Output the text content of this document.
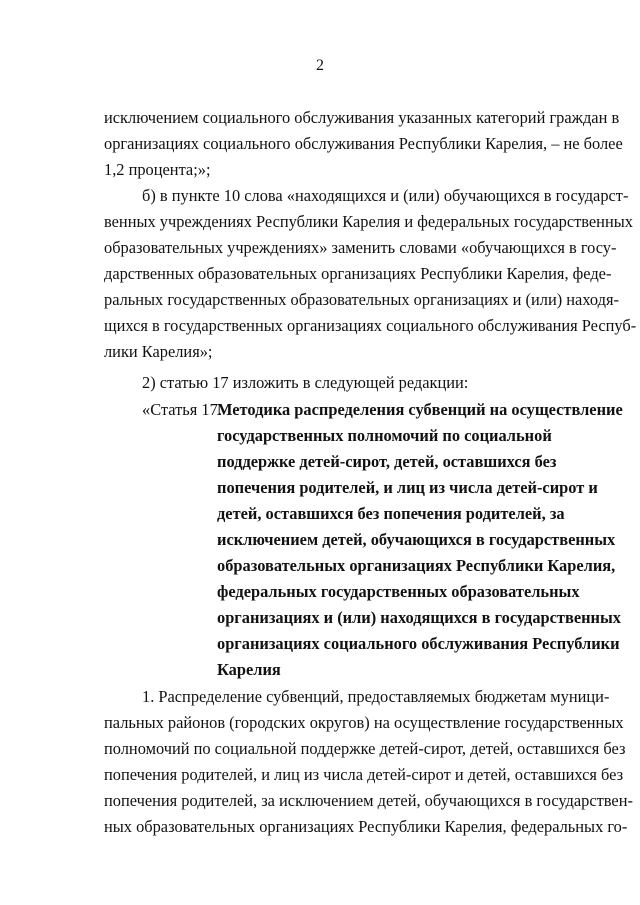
2
исключением социального обслуживания указанных категорий граждан в
организациях социального обслуживания Республики Карелия, – не более
1,2 процента;»;
б) в пункте 10 слова «находящихся и (или) обучающихся в государст-
венных учреждениях Республики Карелия и федеральных государственных
образовательных учреждениях» заменить словами «обучающихся в госу-
дарственных образовательных организациях Республики Карелия, феде-
ральных государственных образовательных организациях и (или) находя-
щихся в государственных организациях социального обслуживания Респуб-
лики Карелия»;
2) статью 17 изложить в следующей редакции:
«Статья 17.
Методика распределения субвенций на осуществление
государственных полномочий по социальной
поддержке детей-сирот, детей, оставшихся без
попечения родителей, и лиц из числа детей-сирот и
детей, оставшихся без попечения родителей, за
исключением детей, обучающихся в государственных
образовательных организациях Республики Карелия,
федеральных государственных образовательных
организациях и (или) находящихся в государственных
организациях социального обслуживания Республики
Карелия
1. Распределение субвенций, предоставляемых бюджетам муници-
пальных районов (городских округов) на осуществление государственных
полномочий по социальной поддержке детей-сирот, детей, оставшихся без
попечения родителей, и лиц из числа детей-сирот и детей, оставшихся без
попечения родителей, за исключением детей, обучающихся в государствен-
ных образовательных организациях Республики Карелия, федеральных го-
